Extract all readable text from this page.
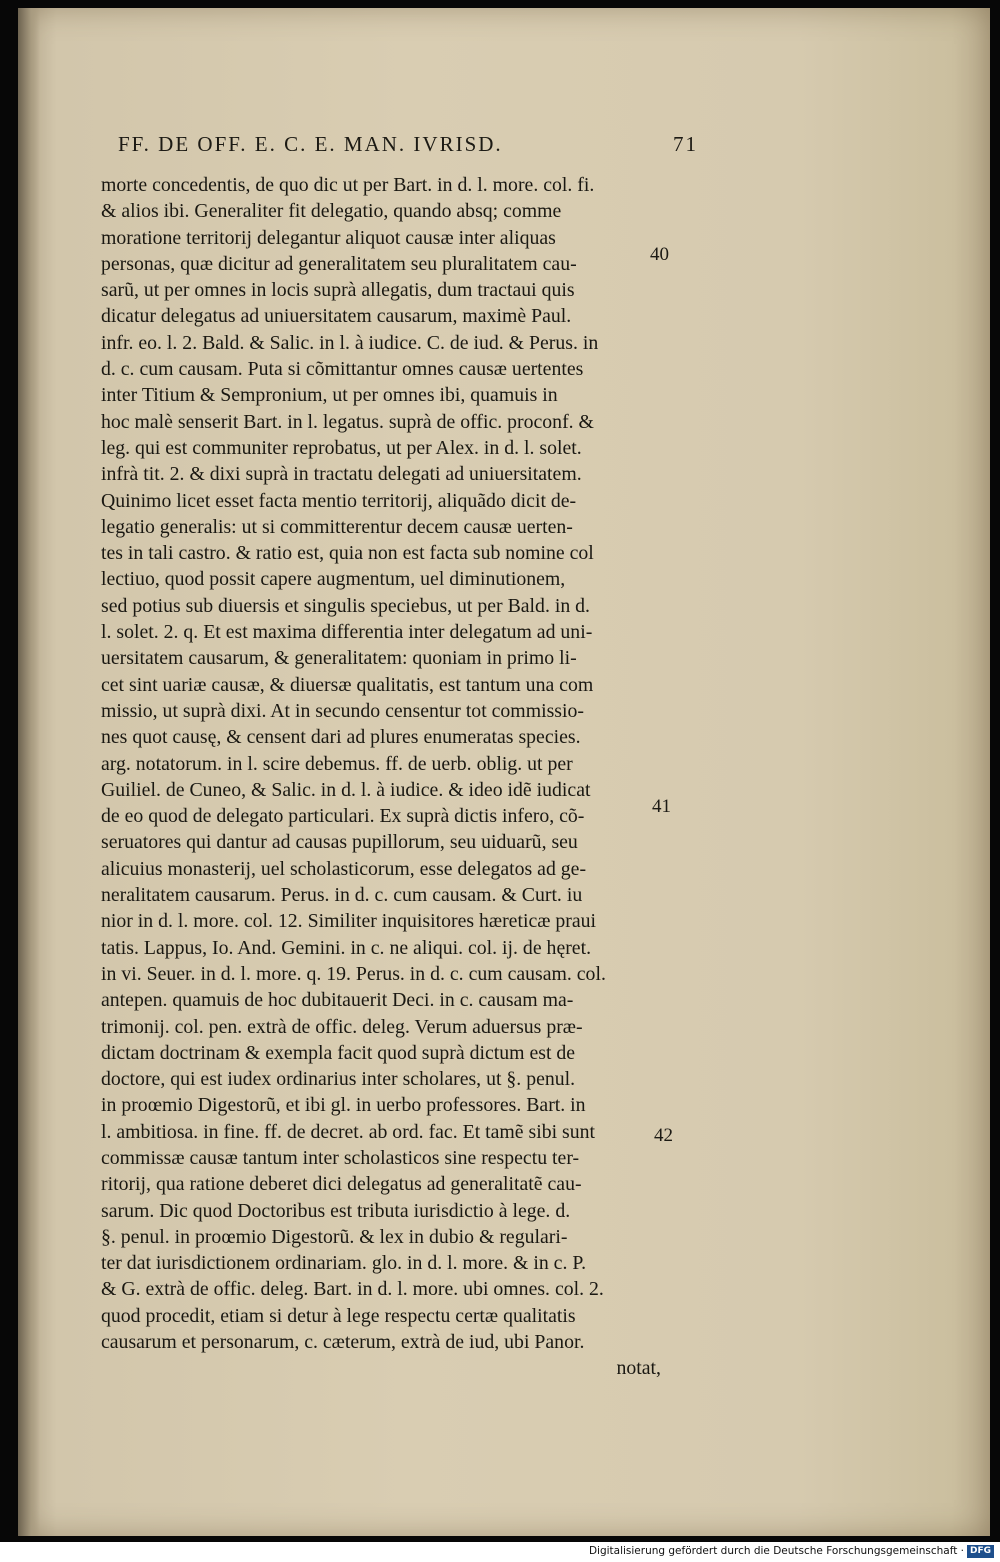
FF. DE OFF. E. C. E. MAN. IVRISD.	71
morte concedentis, de quo dic ut per Bart. in d. l. more. col. fi.
& alios ibi. Generaliter fit delegatio, quando absq; comme
moratione territorij delegantur aliquot causæ inter aliquas
personas, quæ dicitur ad generalitatem seu pluralitatem cau-
sarũ, ut per omnes in locis suprà allegatis, dum tractaui quis
dicatur delegatus ad uniuersitatem causarum, maximè Paul.
infr. eo. l. 2. Bald. & Salic. in l. à iudice. C. de iud. & Perus. in
d. c. cum causam. Puta si cõmittantur omnes causæ uertentes
inter Titium & Sempronium, ut per omnes ibi, quamuis in
hoc malè senserit Bart. in l. legatus. suprà de offic. proconf. &
leg. qui est communiter reprobatus, ut per Alex. in d. l. solet.
infrà tit. 2. & dixi suprà in tractatu delegati ad uniuersitatem.
Quinimo licet esset facta mentio territorij, aliquãdo dicit de-
legatio generalis: ut si committerentur decem causæ uerten-
tes in tali castro. & ratio est, quia non est facta sub nomine col
lectiuo, quod possit capere augmentum, uel diminutionem,
sed potius sub diuersis et singulis speciebus, ut per Bald. in d.
l. solet. 2. q. Et est maxima differentia inter delegatum ad uni-
uersitatem causarum, & generalitatem: quoniam in primo li-
cet sint uariæ causæ, & diuersæ qualitatis, est tantum una com
missio, ut suprà dixi. At in secundo censentur tot commissio-
nes quot causę, & censent dari ad plures enumeratas species.
arg. notatorum. in l. scire debemus. ff. de uerb. oblig. ut per
Guiliel. de Cuneo, & Salic. in d. l. à iudice. & ideo idẽ iudicat
de eo quod de delegato particulari. Ex suprà dictis infero, cõ-
seruatores qui dantur ad causas pupillorum, seu uiduarũ, seu
alicuius monasterij, uel scholasticorum, esse delegatos ad ge-
neralitatem causarum. Perus. in d. c. cum causam. & Curt. iu
nior in d. l. more. col. 12. Similiter inquisitores hæreticæ praui
tatis. Lappus, Io. And. Gemini. in c. ne aliqui. col. ij. de hęret.
in vi. Seuer. in d. l. more. q. 19. Perus. in d. c. cum causam. col.
antepen. quamuis de hoc dubitauerit Deci. in c. causam ma-
trimonij. col. pen. extrà de offic. deleg. Verum aduersus præ-
dictam doctrinam & exempla facit quod suprà dictum est de
doctore, qui est iudex ordinarius inter scholares, ut §. penul.
in proœmio Digestorũ, et ibi gl. in uerbo professores. Bart. in
l. ambitiosa. in fine. ff. de decret. ab ord. fac. Et tamẽ sibi sunt
commissæ causæ tantum inter scholasticos sine respectu ter-
ritorij, qua ratione deberet dici delegatus ad generalitatẽ cau-
sarum. Dic quod Doctoribus est tributa iurisdictio à lege. d.
§. penul. in proœmio Digestorũ. & lex in dubio & regulari-
ter dat iurisdictionem ordinariam. glo. in d. l. more. & in c. P.
& G. extrà de offic. deleg. Bart. in d. l. more. ubi omnes. col. 2.
quod procedit, etiam si detur à lege respectu certæ qualitatis
causarum et personarum, c. cæterum, extrà de iud, ubi Panor.
notat,
40
41
42
Digitalisierung gefördert durch die Deutsche Forschungsgemeinschaft · DFG
